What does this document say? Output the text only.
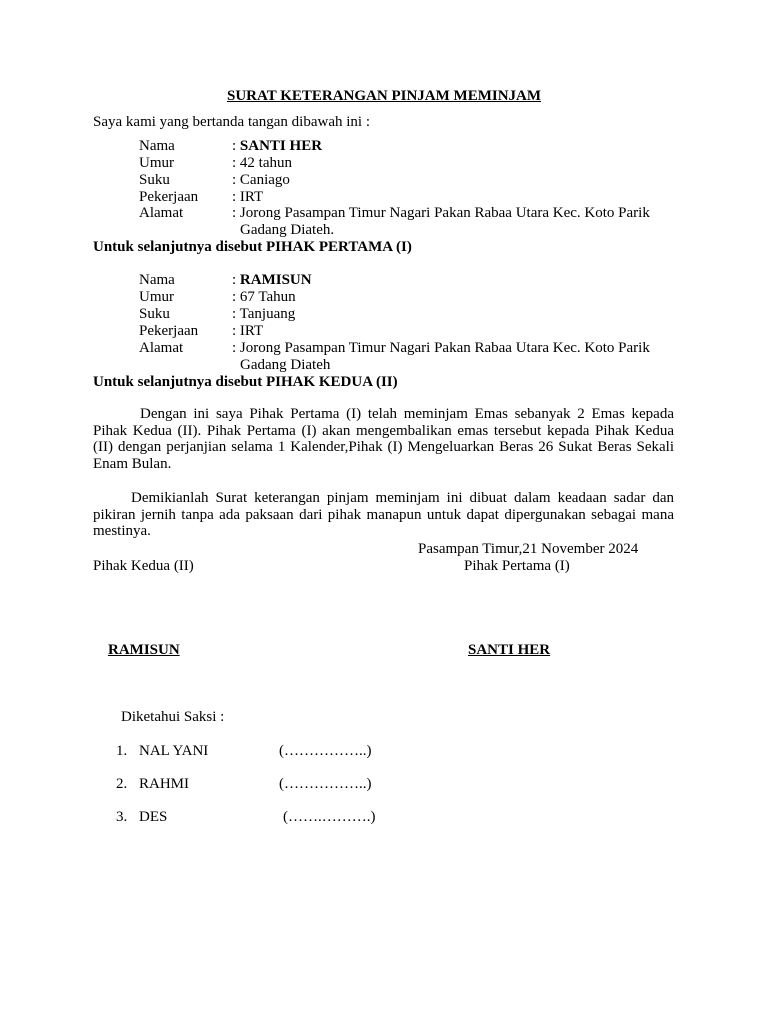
SURAT KETERANGAN PINJAM MEMINJAM
Saya kami yang bertanda tangan dibawah ini :
Nama	: SANTI HER
Umur	: 42 tahun
Suku	: Caniago
Pekerjaan : IRT
Alamat	: Jorong Pasampan Timur Nagari Pakan Rabaa Utara Kec. Koto Parik
Gadang Diateh.
Untuk selanjutnya disebut PIHAK PERTAMA (I)
Nama	: RAMISUN
Umur	: 67 Tahun
Suku	: Tanjuang
Pekerjaan : IRT
Alamat	: Jorong Pasampan Timur Nagari Pakan Rabaa Utara Kec. Koto Parik
Gadang Diateh
Untuk selanjutnya disebut PIHAK KEDUA (II)
Dengan ini saya Pihak Pertama (I) telah meminjam Emas sebanyak 2 Emas kepada Pihak Kedua (II). Pihak Pertama (I) akan mengembalikan emas tersebut kepada Pihak Kedua (II) dengan perjanjian selama 1 Kalender,Pihak (I) Mengeluarkan Beras 26 Sukat Beras Sekali Enam Bulan.
Demikianlah Surat keterangan pinjam meminjam ini dibuat dalam keadaan sadar dan pikiran jernih tanpa ada paksaan dari pihak manapun untuk dapat dipergunakan sebagai mana mestinya.
Pasampan Timur,21 November 2024
Pihak Kedua (II)	Pihak Pertama (I)
RAMISUN	SANTI HER
Diketahui Saksi :
1. NAL YANI	(……………..)
2. RAHMI	(……………..)
3. DES	(…….……….)
